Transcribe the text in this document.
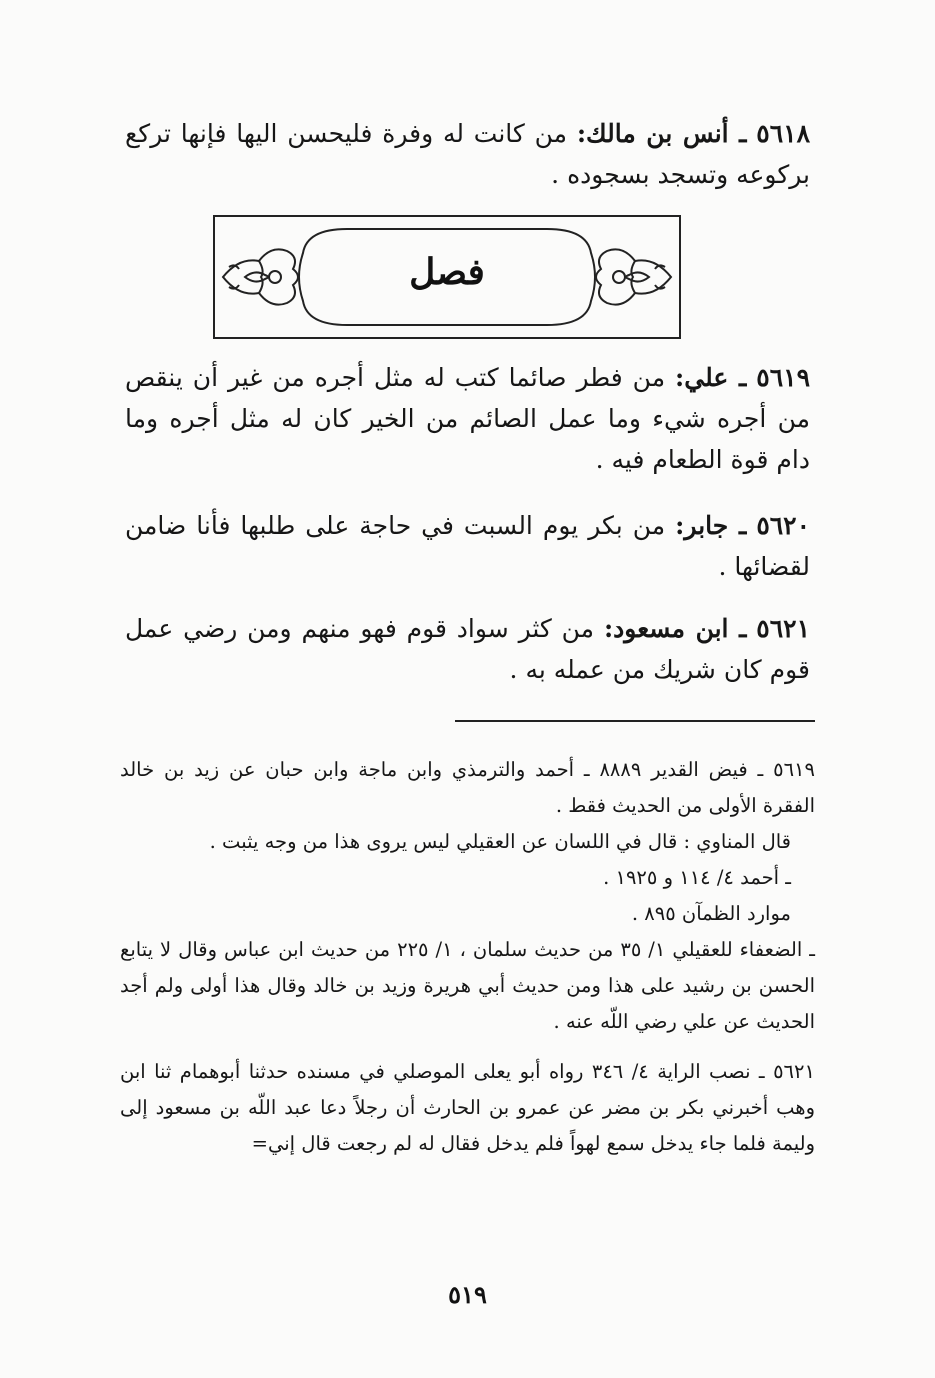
٥٦١٨ ـ أنس بن مالك: من كانت له وفرة فليحسن اليها فإنها تركع بركوعه وتسجد بسجوده .

فصل

٥٦١٩ ـ علي: من فطر صائما كتب له مثل أجره من غير أن ينقص من أجره شيء وما عمل الصائم من الخير كان له مثل أجره وما دام قوة الطعام فيه .

٥٦٢٠ ـ جابر: من بكر يوم السبت في حاجة على طلبها فأنا ضامن لقضائها .

٥٦٢١ ـ ابن مسعود: من كثر سواد قوم فهو منهم ومن رضي عمل قوم كان شريك من عمله به .

٥٦١٩ ـ فيض القدير ٨٨٨٩ ـ أحمد والترمذي وابن ماجة وابن حبان عن زيد بن خالد الفقرة الأولى من الحديث فقط .

قال المناوي : قال في اللسان عن العقيلي ليس يروى هذا من وجه يثبت .

ـ أحمد ٤/ ١١٤ و ١٩٢٥ .

موارد الظمآن ٨٩٥ .

ـ الضعفاء للعقيلي ١/ ٣٥ من حديث سلمان ، ١/ ٢٢٥ من حديث ابن عباس وقال لا يتابع الحسن بن رشيد على هذا ومن حديث أبي هريرة وزيد بن خالد وقال هذا أولى ولم أجد الحديث عن علي رضي اللّه عنه .

٥٦٢١ ـ نصب الراية ٤/ ٣٤٦ رواه أبو يعلى الموصلي في مسنده حدثنا أبوهمام ثنا ابن وهب أخبرني بكر بن مضر عن عمرو بن الحارث أن رجلاً دعا عبد اللّه بن مسعود إلى وليمة فلما جاء يدخل سمع لهواً فلم يدخل فقال له لم رجعت قال إني=

٥١٩
